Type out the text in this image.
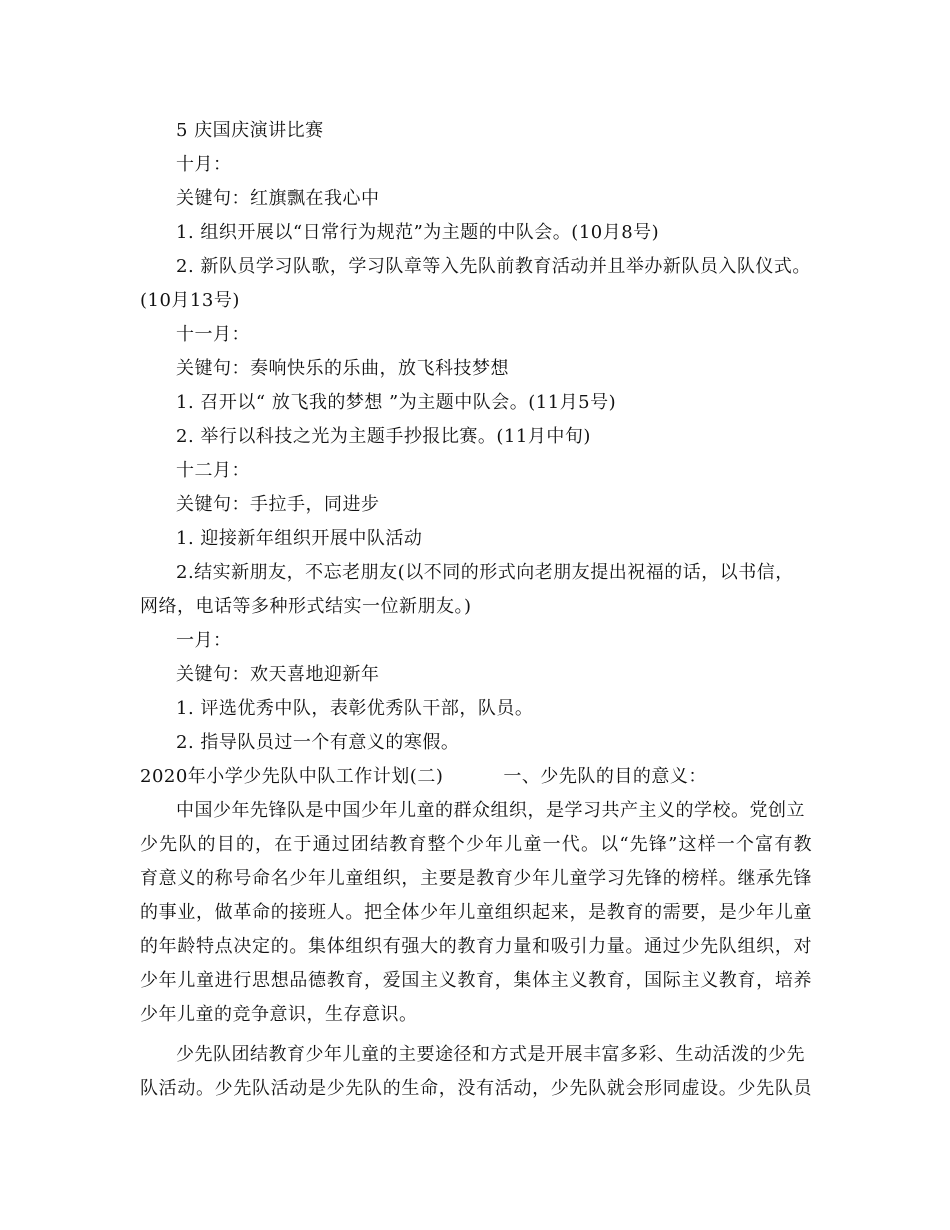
5 庆国庆演讲比赛
十月：
关键句：红旗飘在我心中
1. 组织开展以“日常行为规范”为主题的中队会。(10月8号)
2. 新队员学习队歌，学习队章等入先队前教育活动并且举办新队员入队仪式。
(10月13号)
十一月：
关键句：奏响快乐的乐曲，放飞科技梦想
1. 召开以“ 放飞我的梦想 ”为主题中队会。(11月5号)
2. 举行以科技之光为主题手抄报比赛。(11月中旬)
十二月：
关键句：手拉手，同进步
1. 迎接新年组织开展中队活动
2.结实新朋友，不忘老朋友(以不同的形式向老朋友提出祝福的话，以书信，
网络，电话等多种形式结实一位新朋友。)
一月：
关键句：欢天喜地迎新年
1. 评选优秀中队，表彰优秀队干部，队员。
2. 指导队员过一个有意义的寒假。
2020年小学少先队中队工作计划(二)	一、少先队的目的意义：
中国少年先锋队是中国少年儿童的群众组织，是学习共产主义的学校。党创立
少先队的目的，在于通过团结教育整个少年儿童一代。以“先锋”这样一个富有教
育意义的称号命名少年儿童组织，主要是教育少年儿童学习先锋的榜样。继承先锋
的事业，做革命的接班人。把全体少年儿童组织起来，是教育的需要，是少年儿童
的年龄特点决定的。集体组织有强大的教育力量和吸引力量。通过少先队组织，对
少年儿童进行思想品德教育，爱国主义教育，集体主义教育，国际主义教育，培养
少年儿童的竞争意识，生存意识。
少先队团结教育少年儿童的主要途径和方式是开展丰富多彩、生动活泼的少先
队活动。少先队活动是少先队的生命，没有活动，少先队就会形同虚设。少先队员
